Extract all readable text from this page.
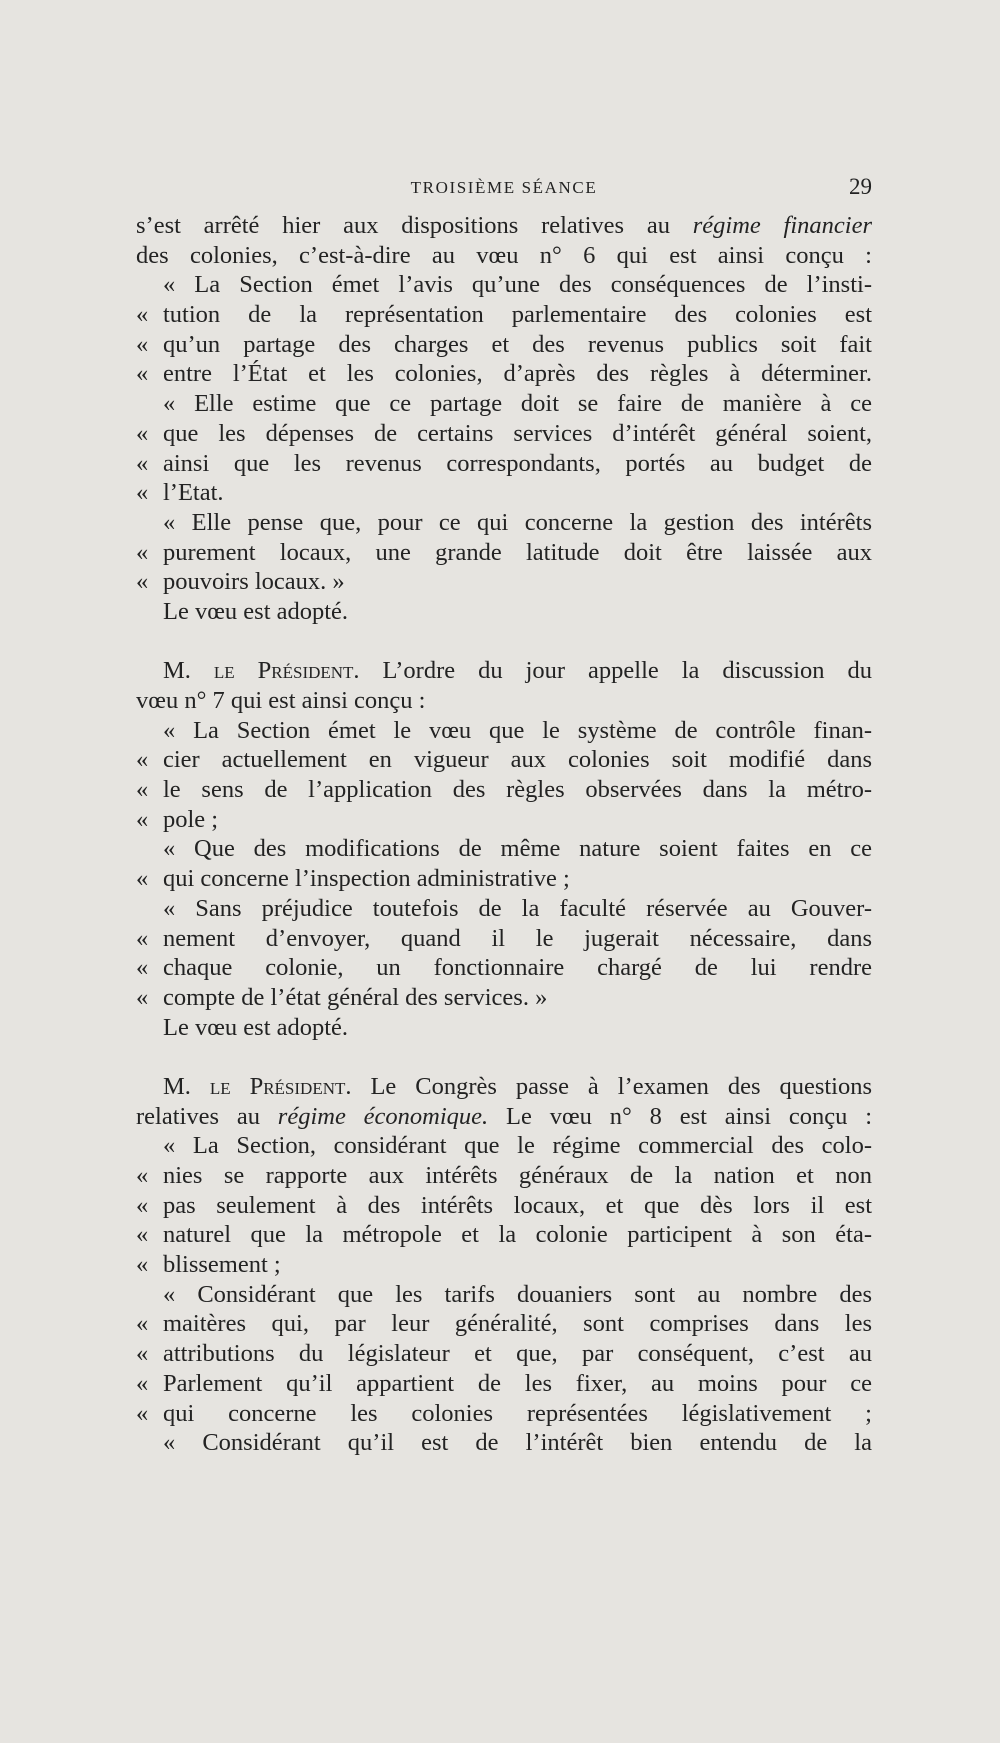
TROISIÈME SÉANCE	29
s’est arrêté hier aux dispositions relatives au régime financier
des colonies, c’est-à-dire au vœu n° 6 qui est ainsi conçu :
« La Section émet l’avis qu’une des conséquences de l’insti-
« tution de la représentation parlementaire des colonies est
« qu’un partage des charges et des revenus publics soit fait
« entre l’État et les colonies, d’après des règles à déterminer.
« Elle estime que ce partage doit se faire de manière à ce
« que les dépenses de certains services d’intérêt général soient,
« ainsi que les revenus correspondants, portés au budget de
« l’Etat.
« Elle pense que, pour ce qui concerne la gestion des intérêts
« purement locaux, une grande latitude doit être laissée aux
« pouvoirs locaux. »
Le vœu est adopté.
M. le Président. L’ordre du jour appelle la discussion du
vœu n° 7 qui est ainsi conçu :
« La Section émet le vœu que le système de contrôle finan-
« cier actuellement en vigueur aux colonies soit modifié dans
« le sens de l’application des règles observées dans la métro-
« pole ;
« Que des modifications de même nature soient faites en ce
« qui concerne l’inspection administrative ;
« Sans préjudice toutefois de la faculté réservée au Gouver-
« nement d’envoyer, quand il le jugerait nécessaire, dans
« chaque colonie, un fonctionnaire chargé de lui rendre
« compte de l’état général des services. »
Le vœu est adopté.
M. le Président. Le Congrès passe à l’examen des questions
relatives au régime économique. Le vœu n° 8 est ainsi conçu :
« La Section, considérant que le régime commercial des colo-
« nies se rapporte aux intérêts généraux de la nation et non
« pas seulement à des intérêts locaux, et que dès lors il est
« naturel que la métropole et la colonie participent à son éta-
« blissement ;
« Considérant que les tarifs douaniers sont au nombre des
« maitères qui, par leur généralité, sont comprises dans les
« attributions du législateur et que, par conséquent, c’est au
« Parlement qu’il appartient de les fixer, au moins pour ce
« qui concerne les colonies représentées législativement ;
« Considérant qu’il est de l’intérêt bien entendu de la
